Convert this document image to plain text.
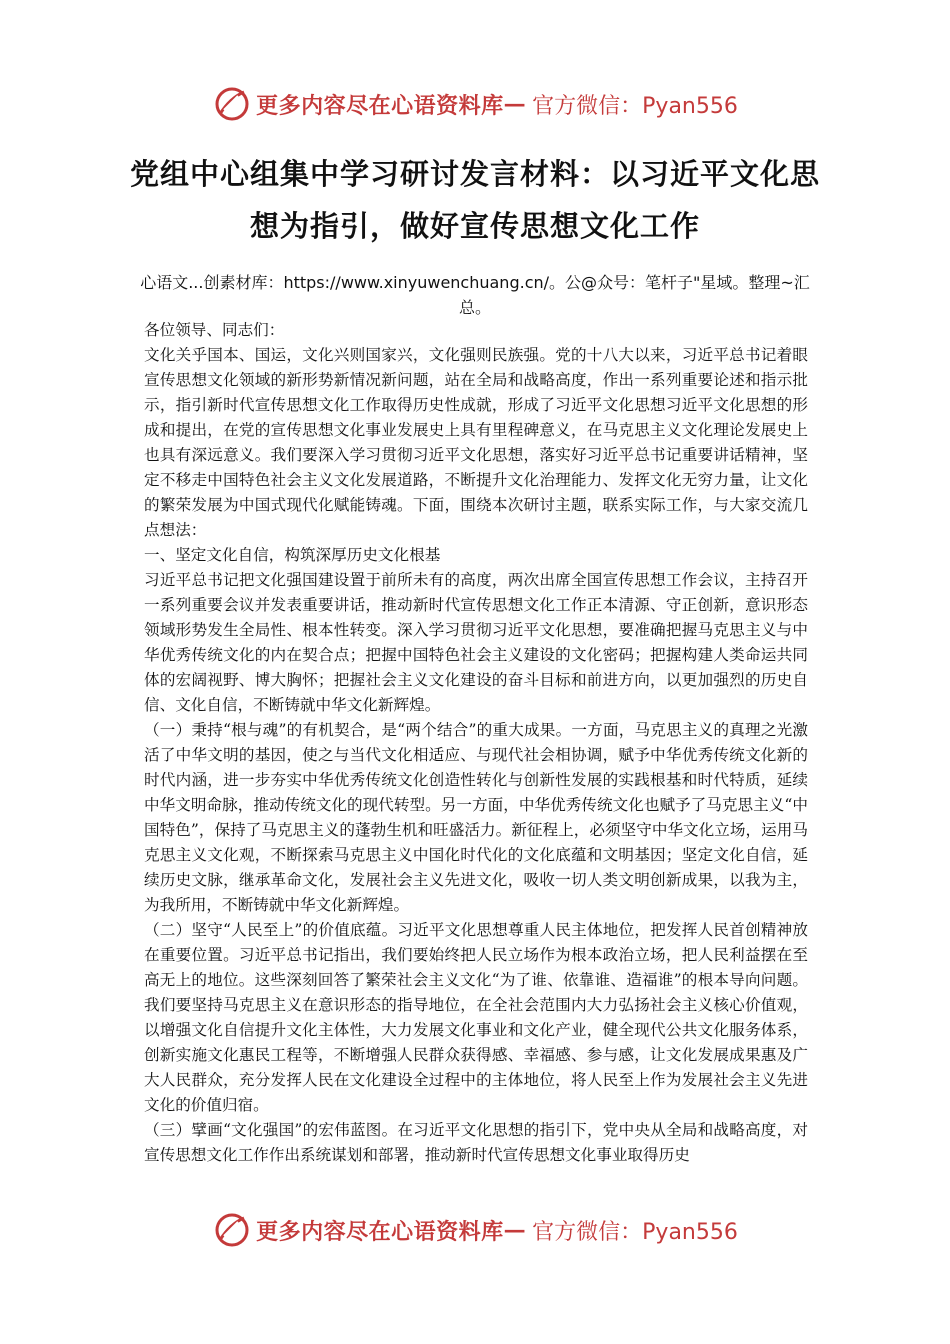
更多内容尽在心语资料库 — 官方微信：Pyan556
党组中心组集中学习研讨发言材料：以习近平文化思想为指引，做好宣传思想文化工作
心语文...创素材库：https://www.xinyuwenchuang.cn/。公@众号：笔杆子"星域。整理~汇总。

各位领导、同志们：

文化关乎国本、国运，文化兴则国家兴，文化强则民族强。党的十八大以来，习近平总书记着眼宣传思想文化领域的新形势新情况新问题，站在全局和战略高度，作出一系列重要论述和指示批示，指引新时代宣传思想文化工作取得历史性成就，形成了习近平文化思想习近平文化思想的形成和提出，在党的宣传思想文化事业发展史上具有里程碑意义，在马克思主义文化理论发展史上也具有深远意义。我们要深入学习贯彻习近平文化思想，落实好习近平总书记重要讲话精神，坚定不移走中国特色社会主义文化发展道路，不断提升文化治理能力、发挥文化无穷力量，让文化的繁荣发展为中国式现代化赋能铸魂。下面，围绕本次研讨主题，联系实际工作，与大家交流几点想法：

一、坚定文化自信，构筑深厚历史文化根基

习近平总书记把文化强国建设置于前所未有的高度，两次出席全国宣传思想工作会议，主持召开一系列重要会议并发表重要讲话，推动新时代宣传思想文化工作正本清源、守正创新，意识形态领域形势发生全局性、根本性转变。深入学习贯彻习近平文化思想，要准确把握马克思主义与中华优秀传统文化的内在契合点；把握中国特色社会主义建设的文化密码；把握构建人类命运共同体的宏阔视野、博大胸怀；把握社会主义文化建设的奋斗目标和前进方向，以更加强烈的历史自信、文化自信，不断铸就中华文化新辉煌。

（一）秉持“根与魂”的有机契合，是“两个结合”的重大成果。一方面，马克思主义的真理之光激活了中华文明的基因，使之与当代文化相适应、与现代社会相协调，赋予中华优秀传统文化新的时代内涵，进一步夯实中华优秀传统文化创造性转化与创新性发展的实践根基和时代特质，延续中华文明命脉，推动传统文化的现代转型。另一方面，中华优秀传统文化也赋予了马克思主义“中国特色”，保持了马克思主义的蓬勃生机和旺盛活力。新征程上，必须坚守中华文化立场，运用马克思主义文化观，不断探索马克思主义中国化时代化的文化底蕴和文明基因；坚定文化自信，延续历史文脉，继承革命文化，发展社会主义先进文化，吸收一切人类文明创新成果，以我为主，为我所用，不断铸就中华文化新辉煌。

（二）坚守“人民至上”的价值底蕴。习近平文化思想尊重人民主体地位，把发挥人民首创精神放在重要位置。习近平总书记指出，我们要始终把人民立场作为根本政治立场，把人民利益摆在至高无上的地位。这些深刻回答了繁荣社会主义文化“为了谁、依靠谁、造福谁”的根本导向问题。我们要坚持马克思主义在意识形态的指导地位，在全社会范围内大力弘扬社会主义核心价值观，以增强文化自信提升文化主体性，大力发展文化事业和文化产业，健全现代公共文化服务体系，创新实施文化惠民工程等，不断增强人民群众获得感、幸福感、参与感，让文化发展成果惠及广大人民群众，充分发挥人民在文化建设全过程中的主体地位，将人民至上作为发展社会主义先进文化的价值归宿。

（三）擘画“文化强国”的宏伟蓝图。在习近平文化思想的指引下，党中央从全局和战略高度，对宣传思想文化工作作出系统谋划和部署，推动新时代宣传思想文化事业取得历史

更多内容尽在心语资料库 — 官方微信：Pyan556
